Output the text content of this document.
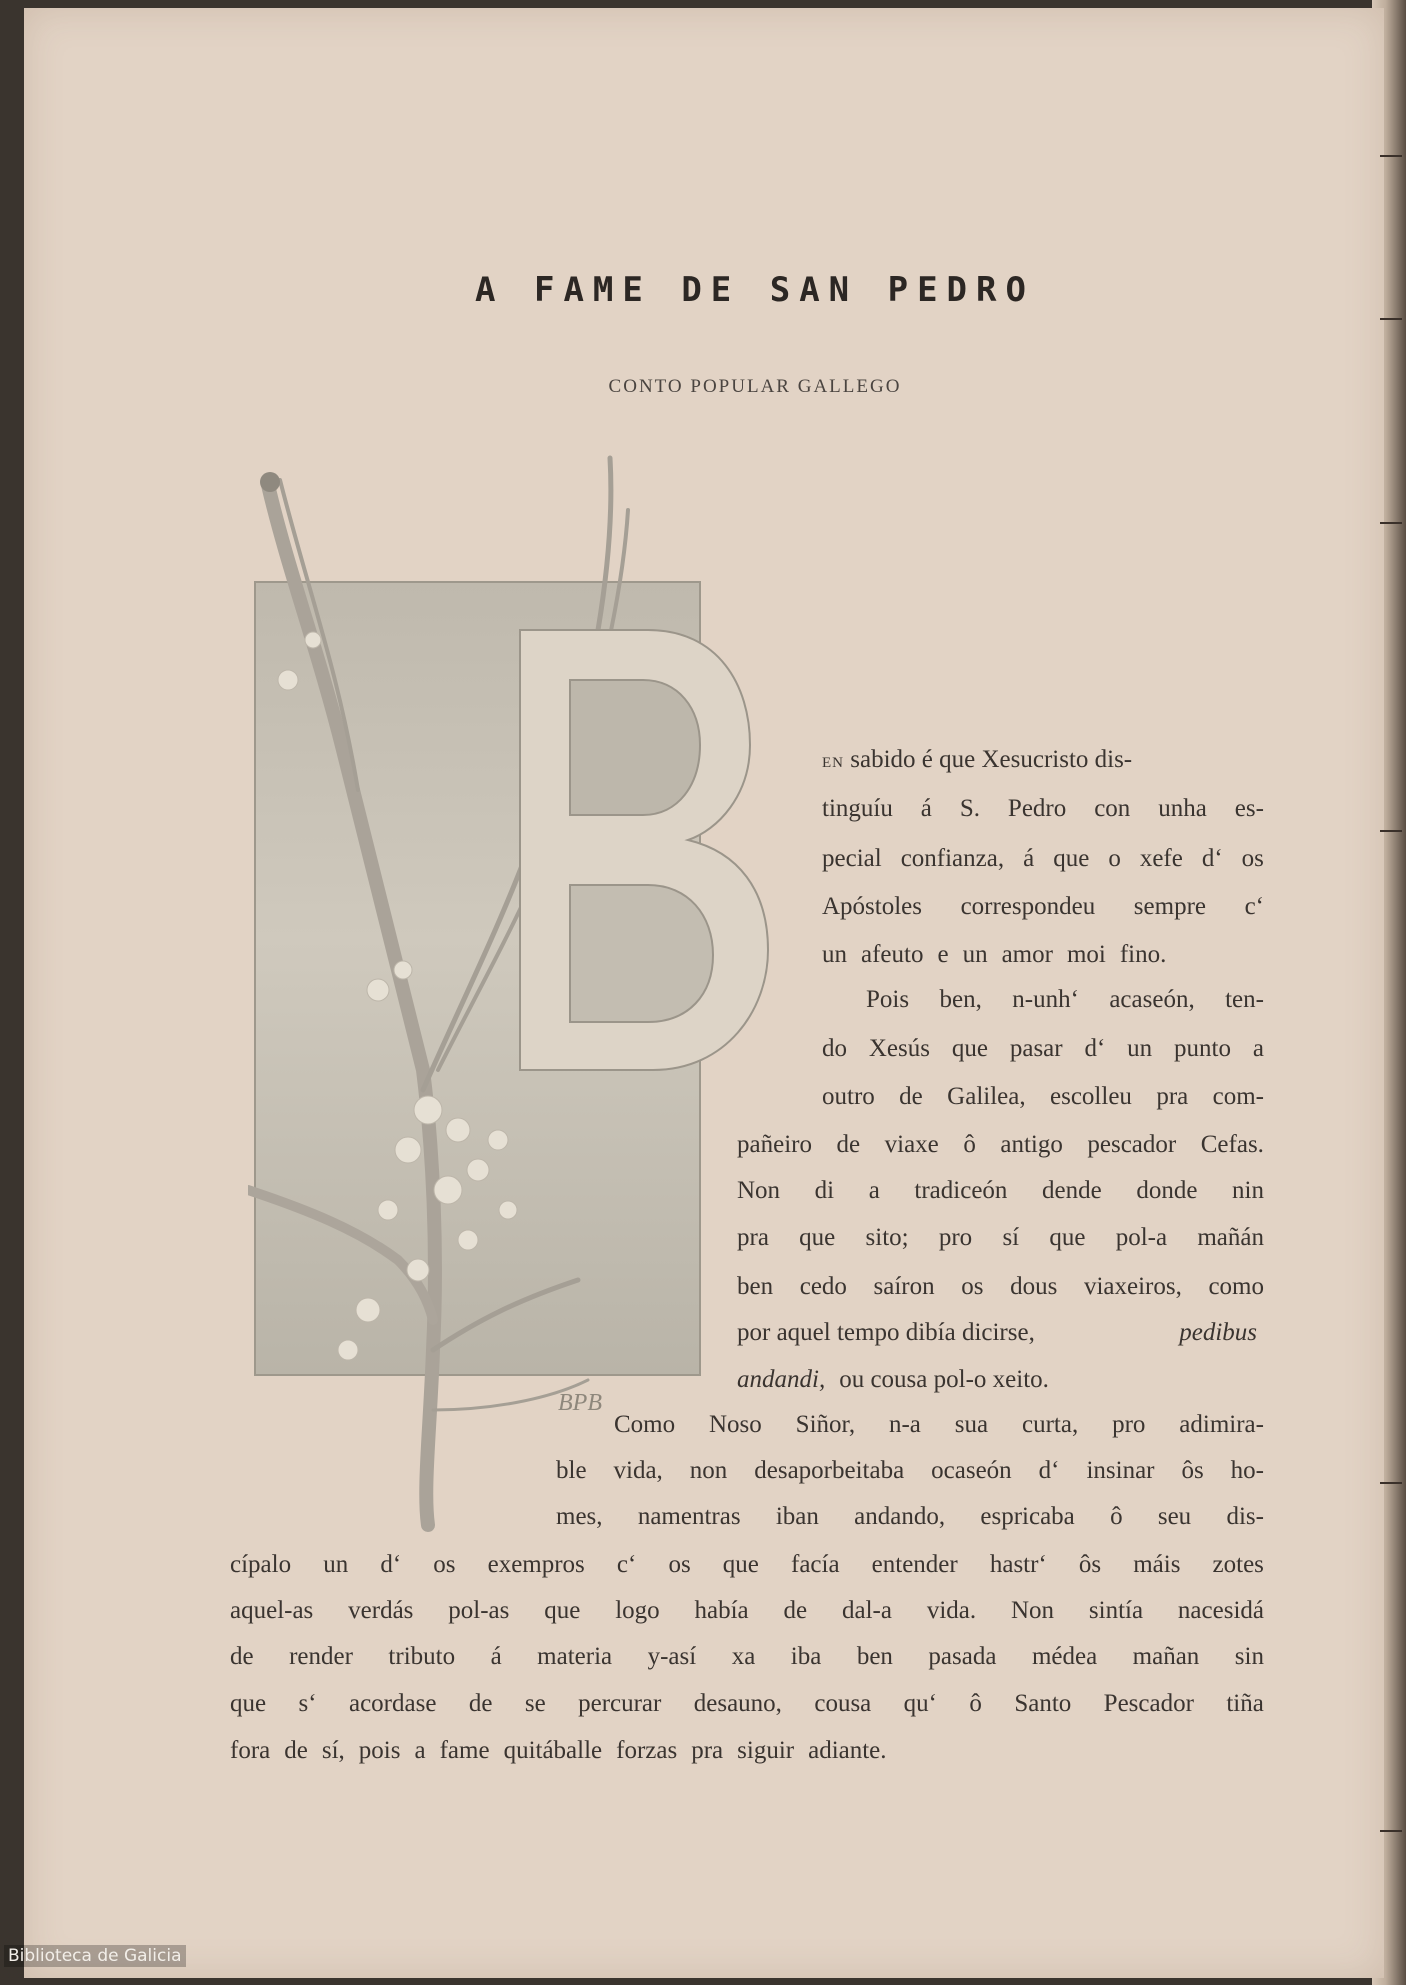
A FAME DE SAN PEDRO
CONTO POPULAR GALLEGO
BPB
EN sabido é que Xesucristo dis-
tinguíu á S. Pedro con unha es-
pecial confianza, á que o xefe d‘ os
Apóstoles correspondeu sempre c‘
un afeuto e un amor moi fino.
Pois ben, n-unh‘ acaseón, ten-
do Xesús que pasar d‘ un punto a
outro de Galilea, escolleu pra com-
pañeiro de viaxe ô antigo pescador Cefas.
Non di a tradiceón dende donde nin
pra que sito; pro sí que pol-a mañán
ben cedo saíron os dous viaxeiros, como
por aquel tempo dibía dicirse,	pedibus
andandi, ou cousa pol-o xeito.
Como Noso Siñor, n-a sua curta, pro adimira-
ble vida, non desaporbeitaba ocaseón d‘ insinar ôs ho-
mes, namentras iban andando, espricaba ô seu dis-
cípalo un d‘ os exempros c‘ os que facía entender hastr‘ ôs máis zotes
aquel-as verdás pol-as que logo había de dal-a vida. Non sintía nacesidá
de render tributo á materia y-así xa iba ben pasada médea mañan sin
que s‘ acordase de se percurar desauno, cousa qu‘ ô Santo Pescador tiña
fora de sí, pois a fame quitáballe forzas pra siguir adiante.
Biblioteca de Galicia
